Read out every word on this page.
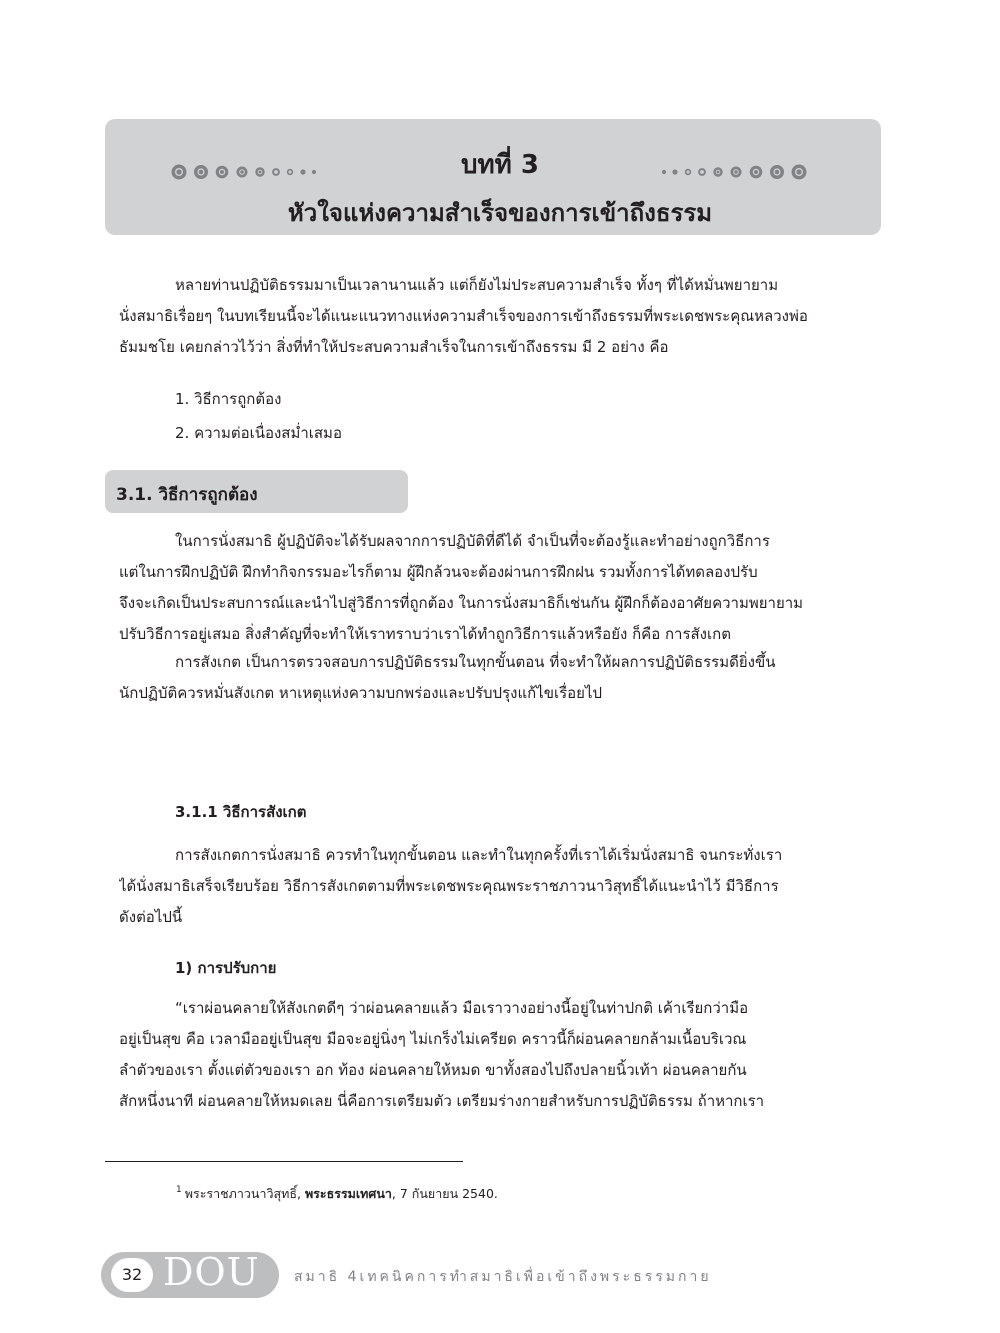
บทที่ 3
หัวใจแห่งความสำเร็จของการเข้าถึงธรรม

หลายท่านปฏิบัติธรรมมาเป็นเวลานานแล้ว แต่ก็ยังไม่ประสบความสำเร็จ ทั้งๆ ที่ได้หมั่นพยายาม
นั่งสมาธิเรื่อยๆ ในบทเรียนนี้จะได้แนะแนวทางแห่งความสำเร็จของการเข้าถึงธรรมที่พระเดชพระคุณหลวงพ่อ
ธัมมชโย เคยกล่าวไว้ว่า สิ่งที่ทำให้ประสบความสำเร็จในการเข้าถึงธรรม มี 2 อย่าง คือ

1. วิธีการถูกต้อง
2. ความต่อเนื่องสม่ำเสมอ
3.1. วิธีการถูกต้อง

ในการนั่งสมาธิ ผู้ปฏิบัติจะได้รับผลจากการปฏิบัติที่ดีได้ จำเป็นที่จะต้องรู้และทำอย่างถูกวิธีการ
แต่ในการฝึกปฏิบัติ ฝึกทำกิจกรรมอะไรก็ตาม ผู้ฝึกล้วนจะต้องผ่านการฝึกฝน รวมทั้งการได้ทดลองปรับ
จึงจะเกิดเป็นประสบการณ์และนำไปสู่วิธีการที่ถูกต้อง ในการนั่งสมาธิก็เช่นกัน ผู้ฝึกก็ต้องอาศัยความพยายาม
ปรับวิธีการอยู่เสมอ สิ่งสำคัญที่จะทำให้เราทราบว่าเราได้ทำถูกวิธีการแล้วหรือยัง ก็คือ การสังเกต

การสังเกต เป็นการตรวจสอบการปฏิบัติธรรมในทุกขั้นตอน ที่จะทำให้ผลการปฏิบัติธรรมดียิ่งขึ้น
นักปฏิบัติควรหมั่นสังเกต หาเหตุแห่งความบกพร่องและปรับปรุงแก้ไขเรื่อยไป

3.1.1 วิธีการสังเกต

การสังเกตการนั่งสมาธิ ควรทำในทุกขั้นตอน และทำในทุกครั้งที่เราได้เริ่มนั่งสมาธิ จนกระทั่งเรา
ได้นั่งสมาธิเสร็จเรียบร้อย วิธีการสังเกตตามที่พระเดชพระคุณพระราชภาวนาวิสุทธิ์ได้แนะนำไว้ มีวิธีการ
ดังต่อไปนี้

1) การปรับกาย

“เราผ่อนคลายให้สังเกตดีๆ ว่าผ่อนคลายแล้ว มือเราวางอย่างนี้อยู่ในท่าปกติ เค้าเรียกว่ามือ
อยู่เป็นสุข คือ เวลามืออยู่เป็นสุข มือจะอยู่นิ่งๆ ไม่เกร็งไม่เครียด คราวนี้ก็ผ่อนคลายกล้ามเนื้อบริเวณ
ลำตัวของเรา ตั้งแต่ตัวของเรา อก ท้อง ผ่อนคลายให้หมด ขาทั้งสองไปถึงปลายนิ้วเท้า ผ่อนคลายกัน
สักหนึ่งนาที ผ่อนคลายให้หมดเลย นี่คือการเตรียมตัว เตรียมร่างกายสำหรับการปฏิบัติธรรม ถ้าหากเรา

$^1$ พระราชภาวนาวิสุทธิ์, พระธรรมเทศนา, 7 กันยายน 2540.
32 DOU สมาธิ 4เทคนิคการทำสมาธิเพื่อเข้าถึงพระธรรมกาย
